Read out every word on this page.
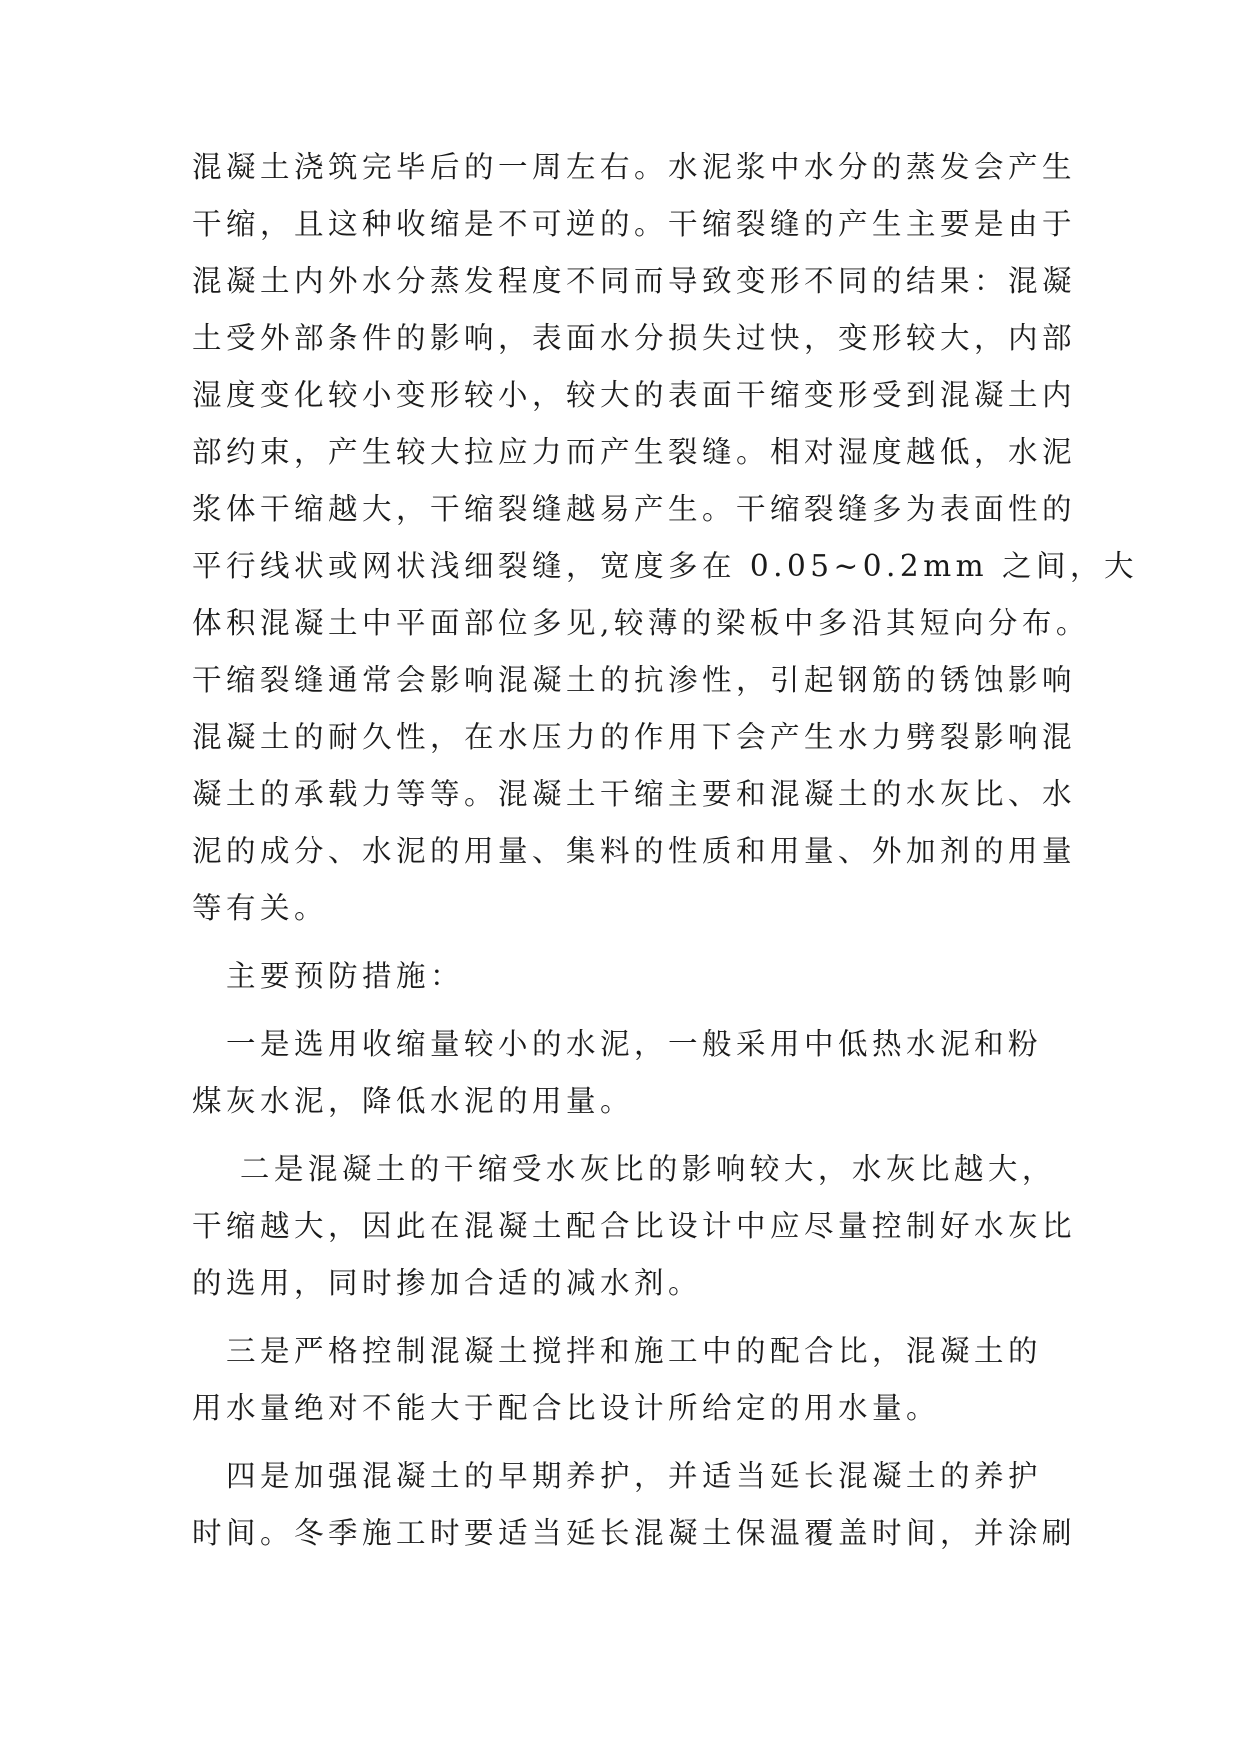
混凝土浇筑完毕后的一周左右。水泥浆中水分的蒸发会产生
干缩，且这种收缩是不可逆的。干缩裂缝的产生主要是由于
混凝土内外水分蒸发程度不同而导致变形不同的结果：混凝
土受外部条件的影响，表面水分损失过快，变形较大，内部
湿度变化较小变形较小，较大的表面干缩变形受到混凝土内
部约束，产生较大拉应力而产生裂缝。相对湿度越低，水泥
浆体干缩越大，干缩裂缝越易产生。干缩裂缝多为表面性的
平行线状或网状浅细裂缝，宽度多在 0.05~0.2mm 之间，大
体积混凝土中平面部位多见,较薄的梁板中多沿其短向分布。
干缩裂缝通常会影响混凝土的抗渗性，引起钢筋的锈蚀影响
混凝土的耐久性，在水压力的作用下会产生水力劈裂影响混
凝土的承载力等等。混凝土干缩主要和混凝土的水灰比、水
泥的成分、水泥的用量、集料的性质和用量、外加剂的用量
等有关。
　主要预防措施：
　一是选用收缩量较小的水泥，一般采用中低热水泥和粉
煤灰水泥，降低水泥的用量。
　 二是混凝土的干缩受水灰比的影响较大，水灰比越大，
干缩越大，因此在混凝土配合比设计中应尽量控制好水灰比
的选用，同时掺加合适的减水剂。
　三是严格控制混凝土搅拌和施工中的配合比，混凝土的
用水量绝对不能大于配合比设计所给定的用水量。
　四是加强混凝土的早期养护，并适当延长混凝土的养护
时间。冬季施工时要适当延长混凝土保温覆盖时间，并涂刷
